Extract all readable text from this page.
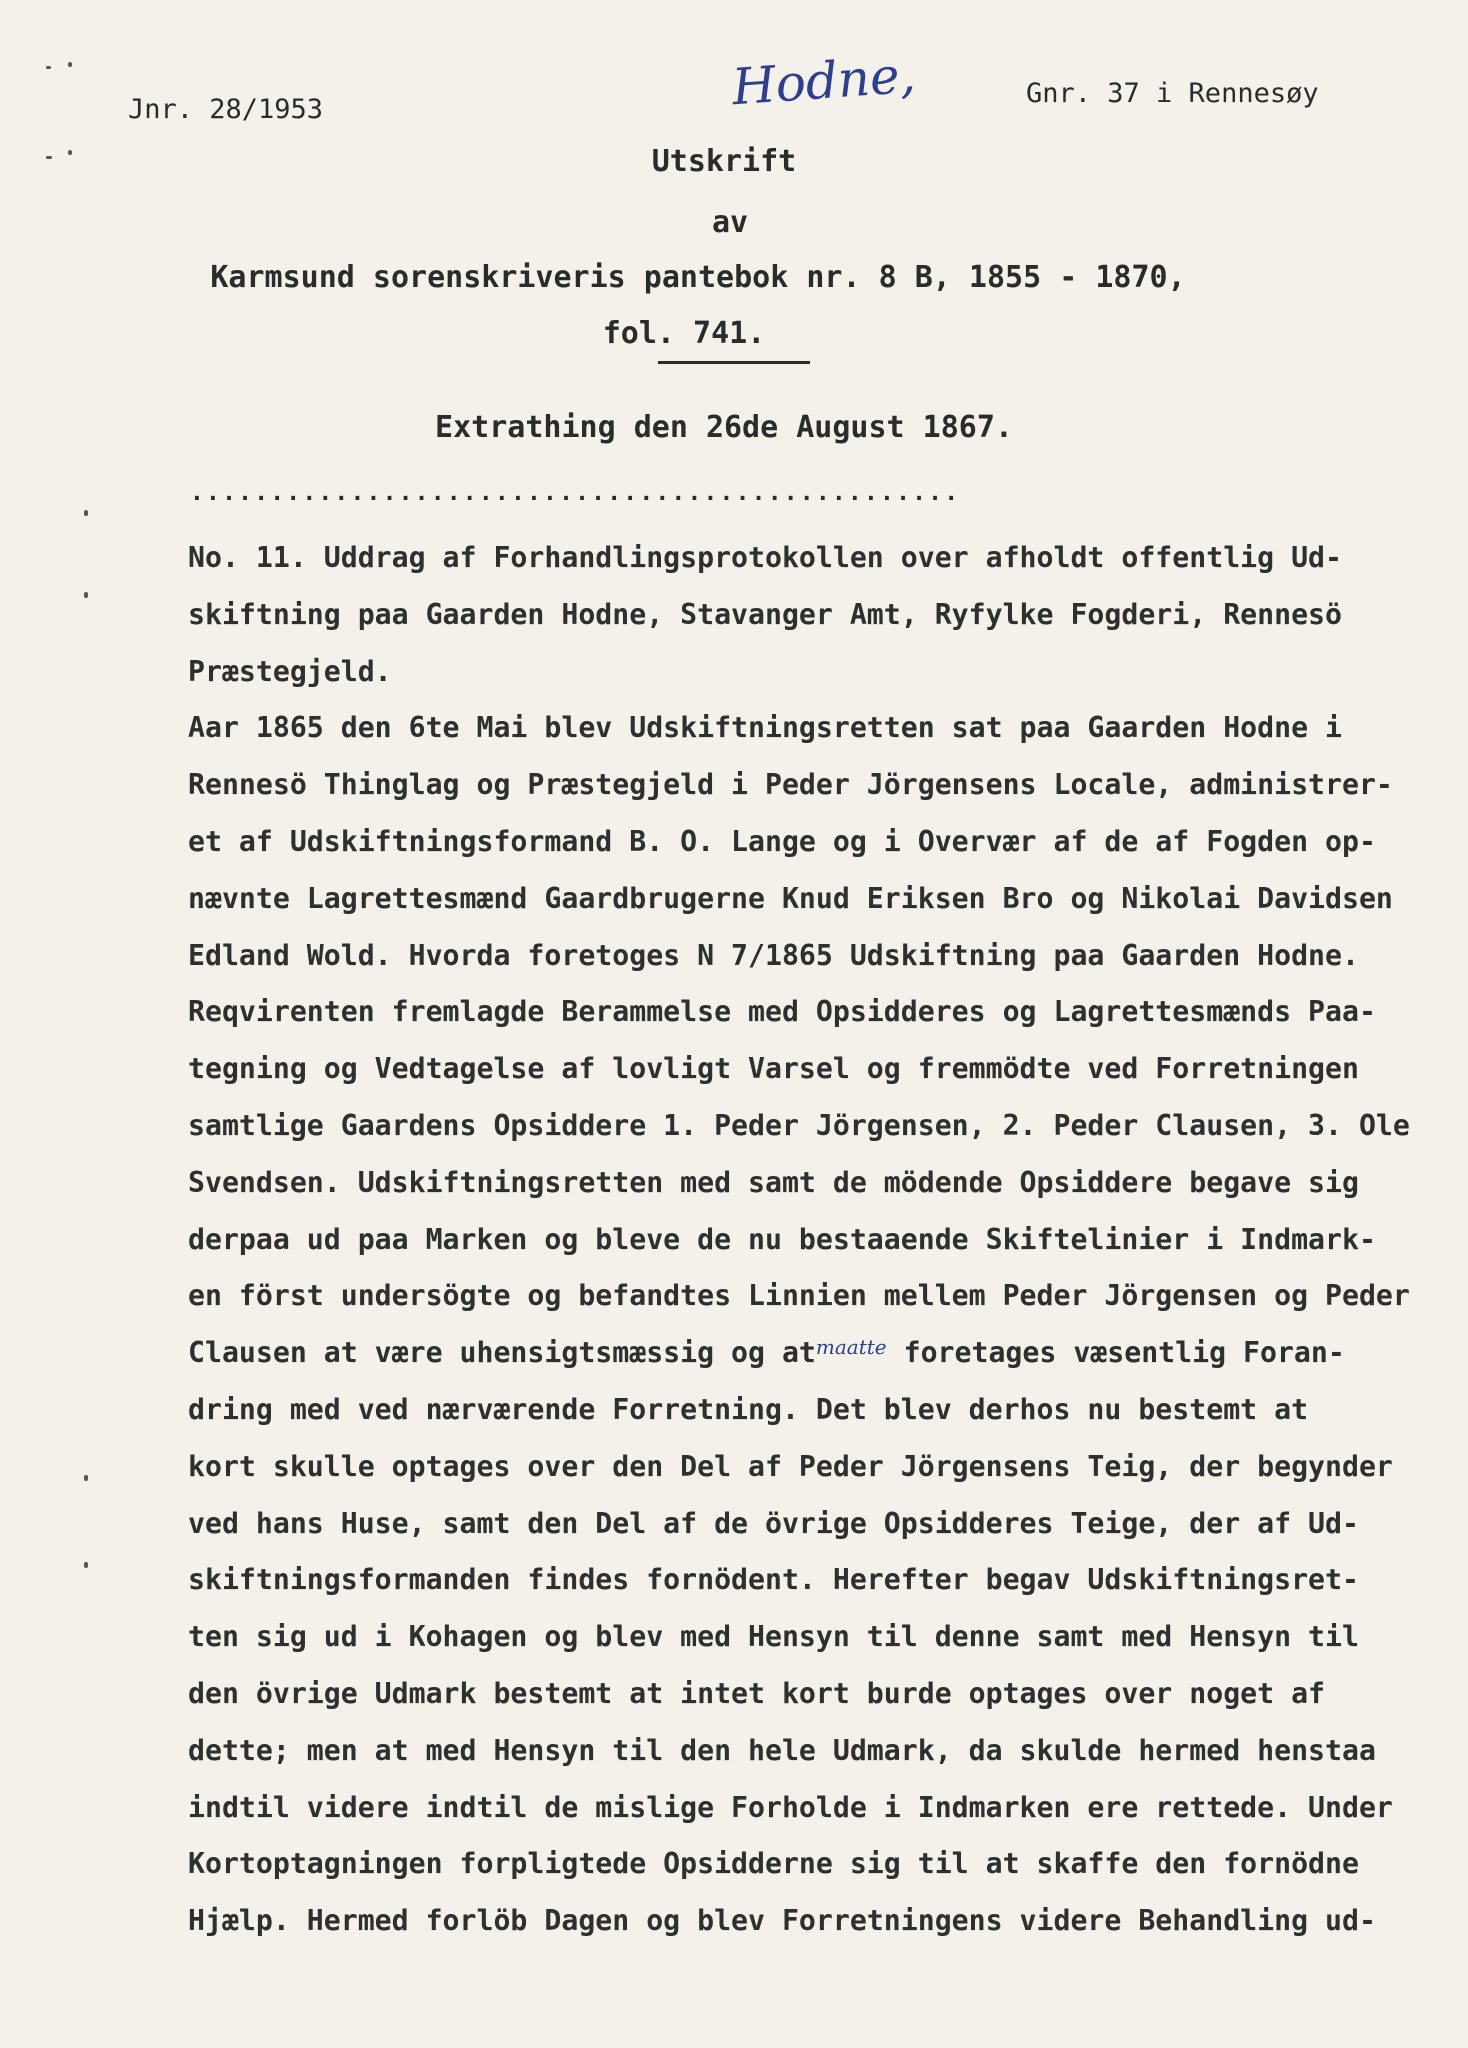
Jnr. 28/1953	Hodne,	Gnr. 37 i Rennesøy
Utskrift
av
Karmsund sorenskriveris pantebok nr. 8 B, 1855 - 1870,
fol. 741.
Extrathing den 26de August 1867.
................................................
No. 11. Uddrag af Forhandlingsprotokollen over afholdt offentlig Ud-
skiftning paa Gaarden Hodne, Stavanger Amt, Ryfylke Fogderi, Rennesö
Præstegjeld.
Aar 1865 den 6te Mai blev Udskiftningsretten sat paa Gaarden Hodne i
Rennesö Thinglag og Præstegjeld i Peder Jörgensens Locale, administrer-
et af Udskiftningsformand B. O. Lange og i Overvær af de af Fogden op-
nævnte Lagrettesmænd Gaardbrugerne Knud Eriksen Bro og Nikolai Davidsen
Edland Wold. Hvorda foretoges N 7/1865 Udskiftning paa Gaarden Hodne.
Reqvirenten fremlagde Berammelse med Opsidderes og Lagrettesmænds Paa-
tegning og Vedtagelse af lovligt Varsel og fremmödte ved Forretningen
samtlige Gaardens Opsiddere 1. Peder Jörgensen, 2. Peder Clausen, 3. Ole
Svendsen. Udskiftningsretten med samt de mödende Opsiddere begave sig
derpaa ud paa Marken og bleve de nu bestaaende Skiftelinier i Indmark-
en först undersögte og befandtes Linnien mellem Peder Jörgensen og Peder
Clausen at være uhensigtsmæssig og $at^{maatte}$ foretages væsentlig Foran-
dring med ved nærværende Forretning. Det blev derhos nu bestemt at
kort skulle optages over den Del af Peder Jörgensens Teig, der begynder
ved hans Huse, samt den Del af de övrige Opsidderes Teige, der af Ud-
skiftningsformanden findes fornödent. Herefter begav Udskiftningsret-
ten sig ud i Kohagen og blev med Hensyn til denne samt med Hensyn til
den övrige Udmark bestemt at intet kort burde optages over noget af
dette; men at med Hensyn til den hele Udmark, da skulde hermed henstaa
indtil videre indtil de mislige Forholde i Indmarken ere rettede. Under
Kortoptagningen forpligtede Opsidderne sig til at skaffe den fornödne
Hjælp. Hermed forlöb Dagen og blev Forretningens videre Behandling ud-
